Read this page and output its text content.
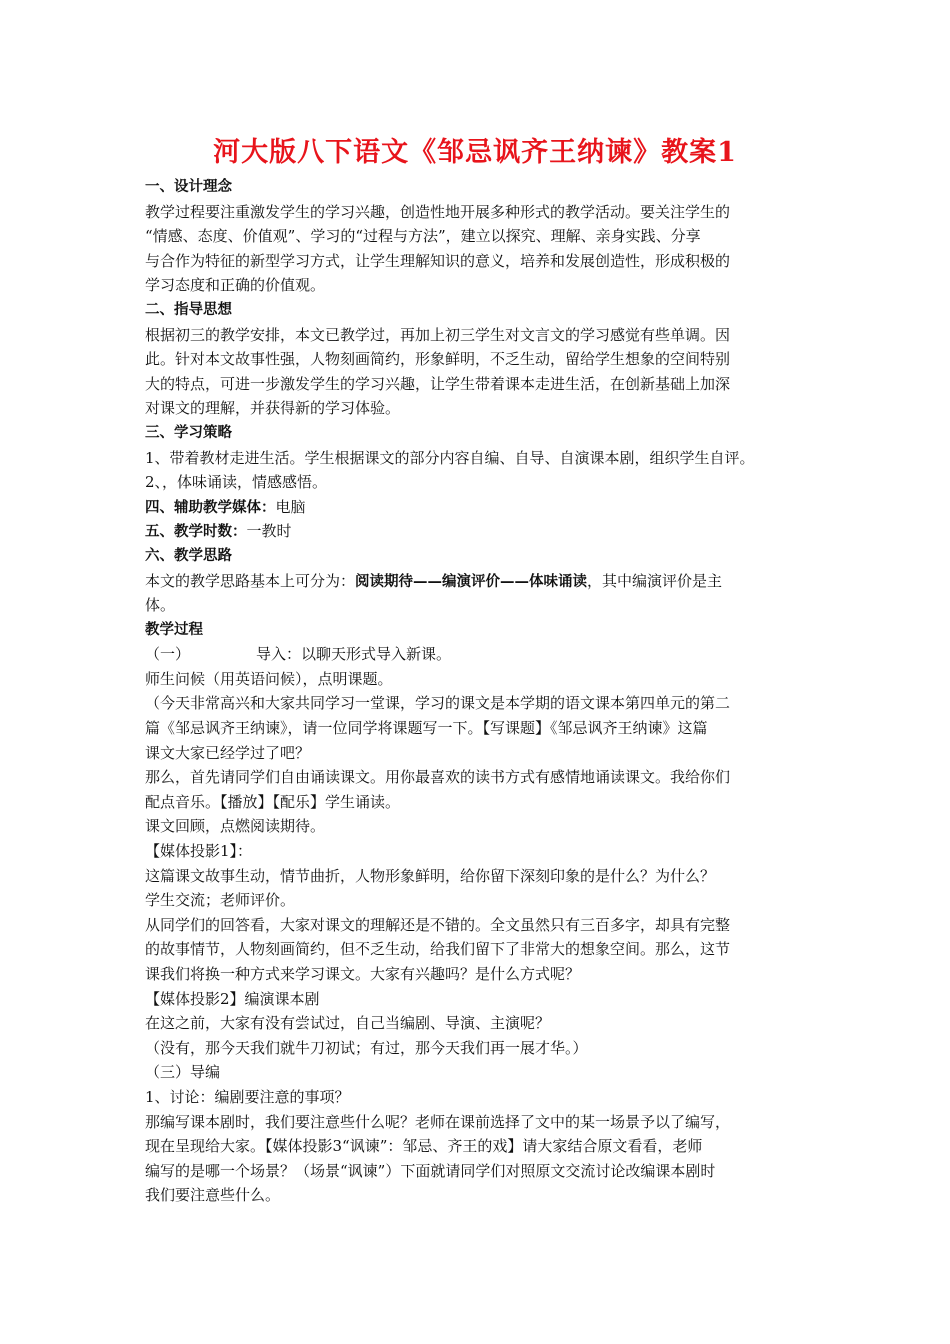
河大版八下语文《邹忌讽齐王纳谏》教案1
一、设计理念
教学过程要注重激发学生的学习兴趣，创造性地开展多种形式的教学活动。要关注学生的
“情感、态度、价值观”、学习的“过程与方法”，建立以探究、理解、亲身实践、分享
与合作为特征的新型学习方式，让学生理解知识的意义，培养和发展创造性，形成积极的
学习态度和正确的价值观。
二、指导思想
根据初三的教学安排，本文已教学过，再加上初三学生对文言文的学习感觉有些单调。因
此。针对本文故事性强，人物刻画简约，形象鲜明，不乏生动，留给学生想象的空间特别
大的特点，可进一步激发学生的学习兴趣，让学生带着课本走进生活，在创新基础上加深
对课文的理解，并获得新的学习体验。
三、学习策略
1、带着教材走进生活。学生根据课文的部分内容自编、自导、自演课本剧，组织学生自评。
2、，体味诵读，情感感悟。
四、辅助教学媒体：电脑
五、教学时数：一教时
六、教学思路
本文的教学思路基本上可分为：阅读期待——编演评价——体味诵读，其中编演评价是主
体。
教学过程
（一）	导入：以聊天形式导入新课。
师生问候（用英语问候），点明课题。
（今天非常高兴和大家共同学习一堂课，学习的课文是本学期的语文课本第四单元的第二
篇《邹忌讽齐王纳谏》，请一位同学将课题写一下。【写课题】《邹忌讽齐王纳谏》这篇
课文大家已经学过了吧？
那么，首先请同学们自由诵读课文。用你最喜欢的读书方式有感情地诵读课文。我给你们
配点音乐。【播放】【配乐】学生诵读。
课文回顾，点燃阅读期待。
【媒体投影1】：
这篇课文故事生动，情节曲折，人物形象鲜明，给你留下深刻印象的是什么？为什么？
学生交流；老师评价。
从同学们的回答看，大家对课文的理解还是不错的。全文虽然只有三百多字，却具有完整
的故事情节，人物刻画简约，但不乏生动，给我们留下了非常大的想象空间。那么，这节
课我们将换一种方式来学习课文。大家有兴趣吗？是什么方式呢？
【媒体投影2】编演课本剧
在这之前，大家有没有尝试过，自己当编剧、导演、主演呢？
（没有，那今天我们就牛刀初试；有过，那今天我们再一展才华。）
（三）导编
1、讨论：编剧要注意的事项？
那编写课本剧时，我们要注意些什么呢？老师在课前选择了文中的某一场景予以了编写，
现在呈现给大家。【媒体投影3“讽谏”：邹忌、齐王的戏】请大家结合原文看看，老师
编写的是哪一个场景？（场景“讽谏”）下面就请同学们对照原文交流讨论改编课本剧时
我们要注意些什么。
